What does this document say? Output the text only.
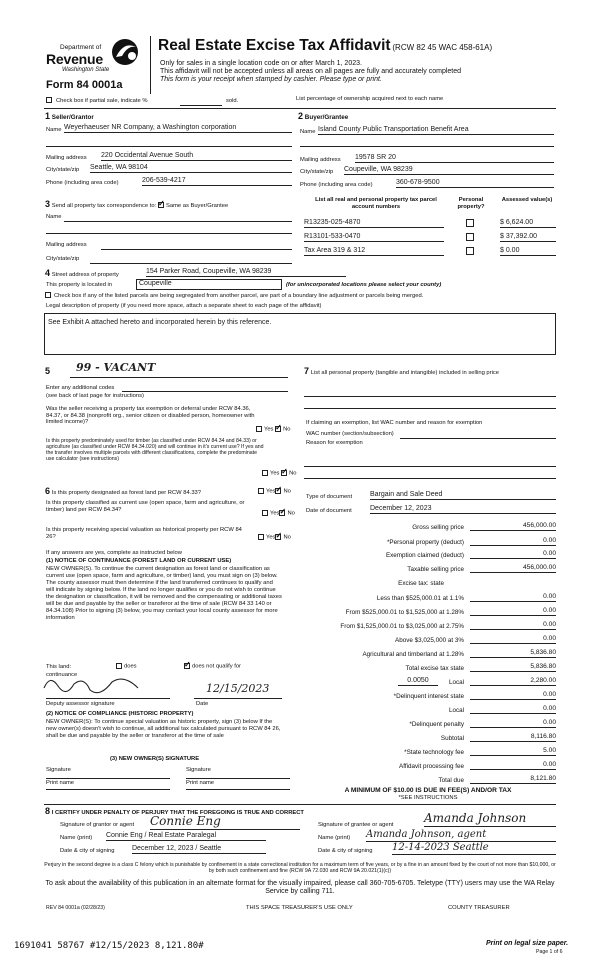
Department of
Revenue
Washington State
Form 84 0001a
Real Estate Excise Tax Affidavit (RCW 82 45 WAC 458-61A)
Only for sales in a single location code on or after March 1, 2023.
This affidavit will not be accepted unless all areas on all pages are fully and accurately completed
This form is your receipt when stamped by cashier. Please type or print.
Check box if partial sale, indicate %	sold.	List percentage of ownership acquired next to each name
1 Seller/Grantor
Name Weyerhaeuser NR Company, a Washington corporation
Mailing address 220 Occidental Avenue South
City/state/zip Seattle, WA 98104
Phone (including area code)	206-539-4217
2 Buyer/Grantee
Name Island County Public Transportation Benefit Area
Mailing address 19578 SR 20
City/state/zip Coupeville, WA 98239
Phone (including area code)	360-678-9500
3 Send all property tax correspondence to: ✓ Same as Buyer/Grantee
Name
Mailing address
City/state/zip
List all real and personal property tax parcel account numbers
Personal property?
Assessed value(s)
R13235-025-4870	$ 6,624.00
R13101-533-0470	$ 37,392.00
Tax Area 319 & 312	$ 0.00
4 Street address of property	154 Parker Road, Coupeville, WA 98239
This property is located in	Coupeville	(for unincorporated locations please select your county)
Check box if any of the listed parcels are being segregated from another parcel, are part of a boundary line adjustment or parcels being merged.
Legal description of property (if you need more space, attach a separate sheet to each page of the affidavit)
See Exhibit A attached hereto and incorporated herein by this reference.
5 99 - VACANT
Enter any additional codes
(see back of last page for instructions)
Was the seller receiving a property tax exemption or deferral under RCW 84.36, 84.37, or 84.38 (nonprofit org., senior citizen or disabled person, homeowner with limited income)?
Yes ✓ No
Is this property predominately used for timber (as classified under RCW 84.34 and 84.33) or agriculture (as classified under RCW 84.34.020) and will continue in it's current use? If yes and the transfer involves multiple parcels with different classifications, complete the predominate use calculator (see instructions)
Yes ✓ No
6 Is this property designated as forest land per RCW 84.33?	Yes ✓ No
Is this property classified as current use (open space, farm and agriculture, or timber) land per RCW 84.34?
Yes ✓ No
Is this property receiving special valuation as historical property per RCW 84 26?	Yes ✓ No
If any answers are yes, complete as instructed below
(1) NOTICE OF CONTINUANCE (FOREST LAND OR CURRENT USE)
NEW OWNER(S). To continue the current designation as forest land or classification as current use (open space, farm and agriculture, or timber) land, you must sign on (3) below. The county assessor must then determine if the land transferred continues to qualify and will indicate by signing below. If the land no longer qualifies or you do not wish to continue the designation or classification, it will be removed and the compensating or additional taxes will be due and payable by the seller or transferor at the time of sale (RCW 84 33 140 or 84.34.108) Prior to signing (3) below, you may contact your local county assessor for more information
This land:	does ✓	does not qualify for
continuance
12/15/2023
Deputy assessor signature	Date
(2) NOTICE OF COMPLIANCE (HISTORIC PROPERTY)
NEW OWNER(S): To continue special valuation as historic property, sign (3) below If the new owner(s) doesn't wish to continue, all additional tax calculated pursuant to RCW 84 26, shall be due and payable by the seller or transferor at the time of sale
(3) NEW OWNER(S) SIGNATURE
Signature	Signature
Print name	Print name
7 List all personal property (tangible and intangible) included in selling price
If claiming an exemption, list WAC number and reason for exemption
WAC number (section/subsection)
Reason for exemption
Type of document	Bargain and Sale Deed
Date of document	December 12, 2023
Gross selling price	456,000.00
*Personal property (deduct)	0.00
Exemption claimed (deduct)	0.00
Taxable selling price	456,000.00
Excise tax: state
Less than $525,000.01 at 1.1%	0.00
From $525,000.01 to $1,525,000 at 1.28%	0.00
From $1,525,000.01 to $3,025,000 at 2.75%	0.00
Above $3,025,000 at 3%	0.00
Agricultural and timberland at 1.28%	5,836.80
Total excise tax state	5,836.80
0.0050	Local	2,280.00
*Delinquent interest state	0.00
Local	0.00
*Delinquent penalty	0.00
Subtotal	8,116.80
*State technology fee	5.00
Affidavit processing fee	0.00
Total due	8,121.80
A MINIMUM OF $10.00 IS DUE IN FEE(S) AND/OR TAX
*SEE INSTRUCTIONS
8 I CERTIFY UNDER PENALTY OF PERJURY THAT THE FOREGOING IS TRUE AND CORRECT
Signature of grantor or agent Connie Eng
Name (print) Connie Eng / Real Estate Paralegal
Date & city of signing	December 12, 2023 / Seattle
Signature of grantee or agent	Amanda Johnson
Name (print) Amanda Johnson, agent
Date & city of signing 12-14-2023 Seattle
Perjury in the second degree is a class C felony which is punishable by confinement in a state correctional institution for a maximum term of five years, or by a fine in an amount fixed by the court of not more than $10,000, or by both such confinement and fine (RCW 9A 72.030 and RCW 9A 20.021(1)(c))
To ask about the availability of this publication in an alternate format for the visually impaired, please call 360-705-6705. Teletype (TTY) users may use the WA Relay Service by calling 711.
REV 84 0001a (02/28/23)	THIS SPACE TREASURER'S USE ONLY	COUNTY TREASURER
1691041 58767 #12/15/2023 8,121.80#	Print on legal size paper.
Page 1 of 6
